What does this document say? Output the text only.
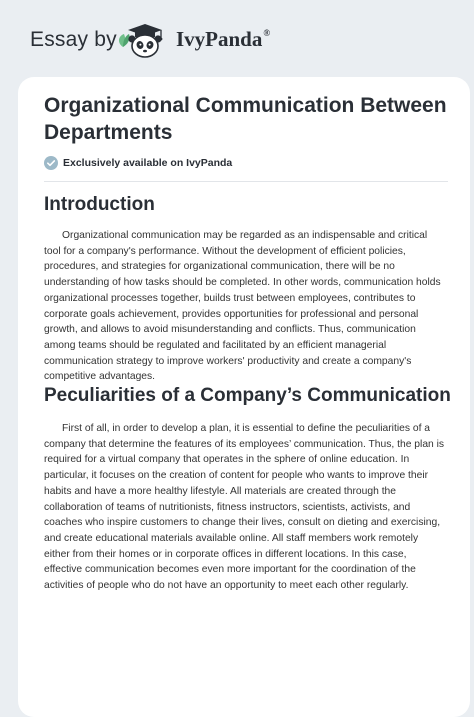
Essay by	IvyPanda®
Organizational Communication Between
Departments
Exclusively available on IvyPanda
Introduction
Organizational communication may be regarded as an indispensable and critical
tool for a company's performance. Without the development of efficient policies,
procedures, and strategies for organizational communication, there will be no
understanding of how tasks should be completed. In other words, communication holds
organizational processes together, builds trust between employees, contributes to
corporate goals achievement, provides opportunities for professional and personal
growth, and allows to avoid misunderstanding and conflicts. Thus, communication
among teams should be regulated and facilitated by an efficient managerial
communication strategy to improve workers' productivity and create a company's
competitive advantages.
Peculiarities of a Company’s Communication
First of all, in order to develop a plan, it is essential to define the peculiarities of a
company that determine the features of its employees’ communication. Thus, the plan is
required for a virtual company that operates in the sphere of online education. In
particular, it focuses on the creation of content for people who wants to improve their
habits and have a more healthy lifestyle. All materials are created through the
collaboration of teams of nutritionists, fitness instructors, scientists, activists, and
coaches who inspire customers to change their lives, consult on dieting and exercising,
and create educational materials available online. All staff members work remotely
either from their homes or in corporate offices in different locations. In this case,
effective communication becomes even more important for the coordination of the
activities of people who do not have an opportunity to meet each other regularly.
